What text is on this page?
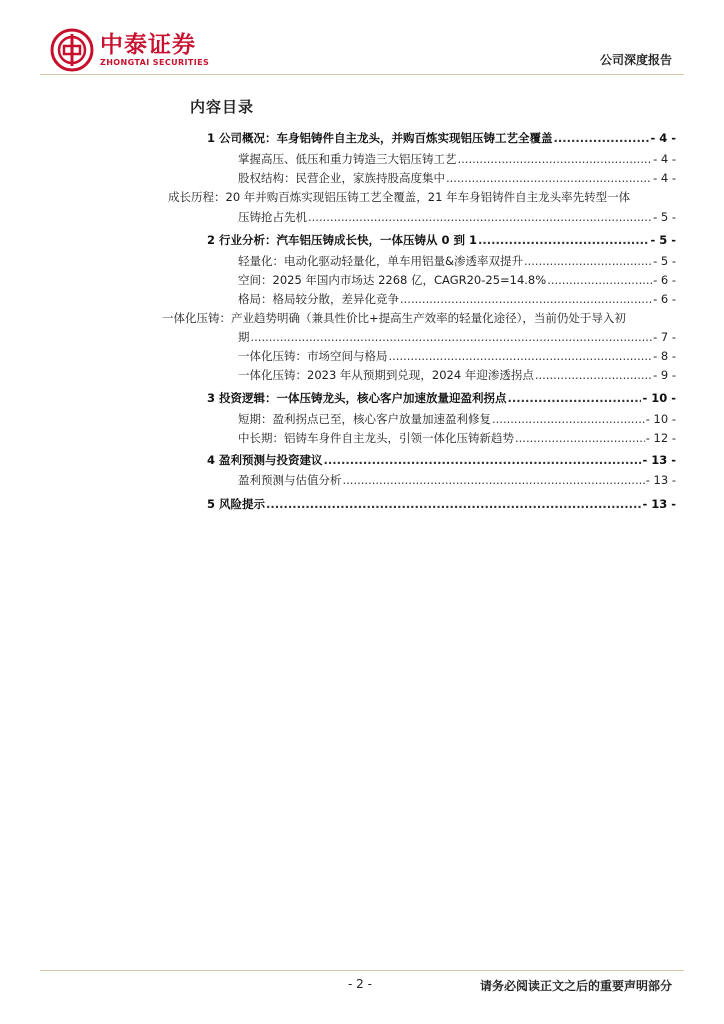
中泰证券
ZHONGTAI SECURITIES	公司深度报告
内容目录
1 公司概况：车身铝铸件自主龙头，并购百炼实现铝压铸工艺全覆盖 .....	- 4 -
掌握高压、低压和重力铸造三大铝压铸工艺 .....	- 4 -
股权结构：民营企业，家族持股高度集中 .....	- 4 -
成长历程：20 年并购百炼实现铝压铸工艺全覆盖，21 年车身铝铸件自主龙头率先转型一体
压铸抢占先机 .....	- 5 -
2 行业分析：汽车铝压铸成长快，一体压铸从 0 到 1 .....	- 5 -
轻量化：电动化驱动轻量化，单车用铝量&渗透率双提升 .....	- 5 -
空间：2025 年国内市场达 2268 亿，CAGR20-25=14.8% .....	- 6 -
格局：格局较分散，差异化竞争 .....	- 6 -
一体化压铸：产业趋势明确（兼具性价比+提高生产效率的轻量化途径），当前仍处于导入初
期 .....	- 7 -
一体化压铸：市场空间与格局 .....	- 8 -
一体化压铸：2023 年从预期到兑现，2024 年迎渗透拐点 .....	- 9 -
3 投资逻辑：一体压铸龙头，核心客户加速放量迎盈利拐点 .....	- 10 -
短期：盈利拐点已至，核心客户放量加速盈利修复 .....	- 10 -
中长期：铝铸车身件自主龙头，引领一体化压铸新趋势 .....	- 12 -
4 盈利预测与投资建议 .....	- 13 -
盈利预测与估值分析 .....	- 13 -
5 风险提示 .....	- 13 -
- 2 -	请务必阅读正文之后的重要声明部分
